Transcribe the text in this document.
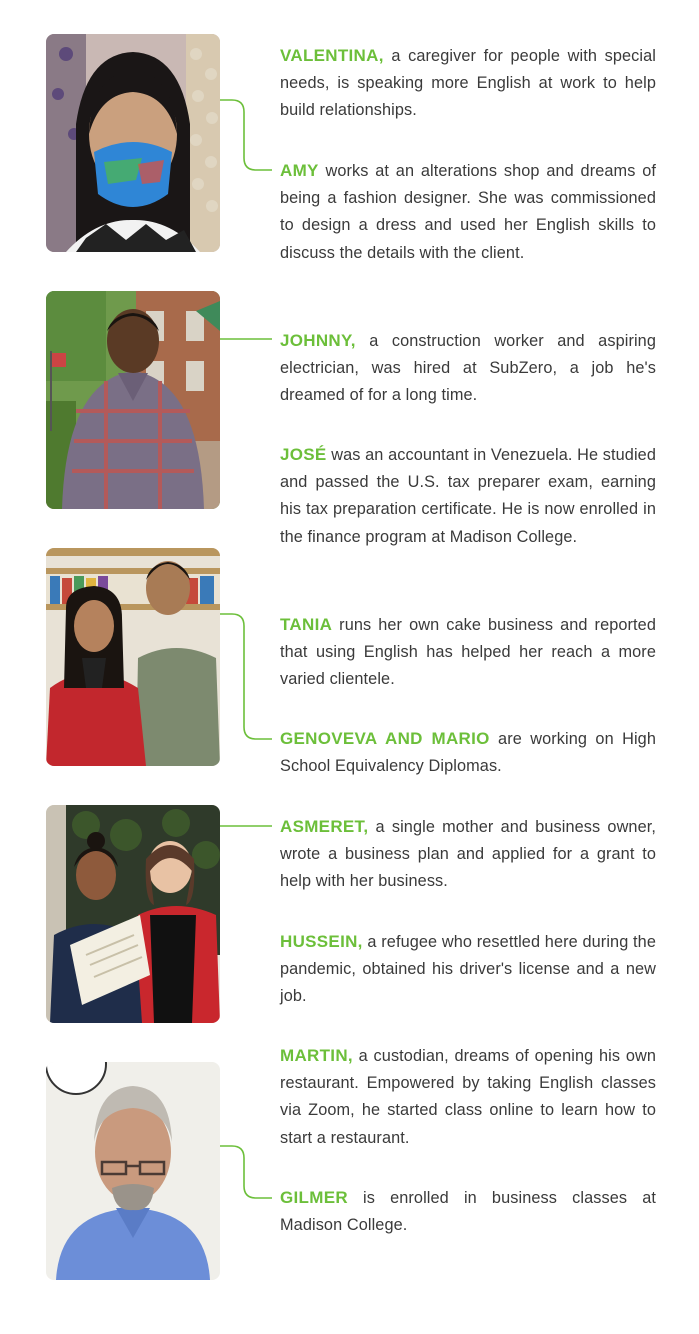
VALENTINA, a caregiver for people with special needs, is speaking more English at work to help build relationships.

AMY works at an alterations shop and dreams of being a fashion designer. She was commissioned to design a dress and used her English skills to discuss the details with the client.

JOHNNY, a construction worker and aspiring electrician, was hired at SubZero, a job he's dreamed of for a long time.

JOSÉ was an accountant in Venezuela. He studied and passed the U.S. tax preparer exam, earning his tax preparation certificate. He is now enrolled in the finance program at Madison College.

TANIA runs her own cake business and reported that using English has helped her reach a more varied clientele.

GENOVEVA AND MARIO are working on High School Equivalency Diplomas.

ASMERET, a single mother and business owner, wrote a business plan and applied for a grant to help with her business.

HUSSEIN, a refugee who resettled here during the pandemic, obtained his driver's license and a new job.

MARTIN, a custodian, dreams of opening his own restaurant. Empowered by taking English classes via Zoom, he started class online to learn how to start a restaurant.

GILMER is enrolled in business classes at Madison College.
